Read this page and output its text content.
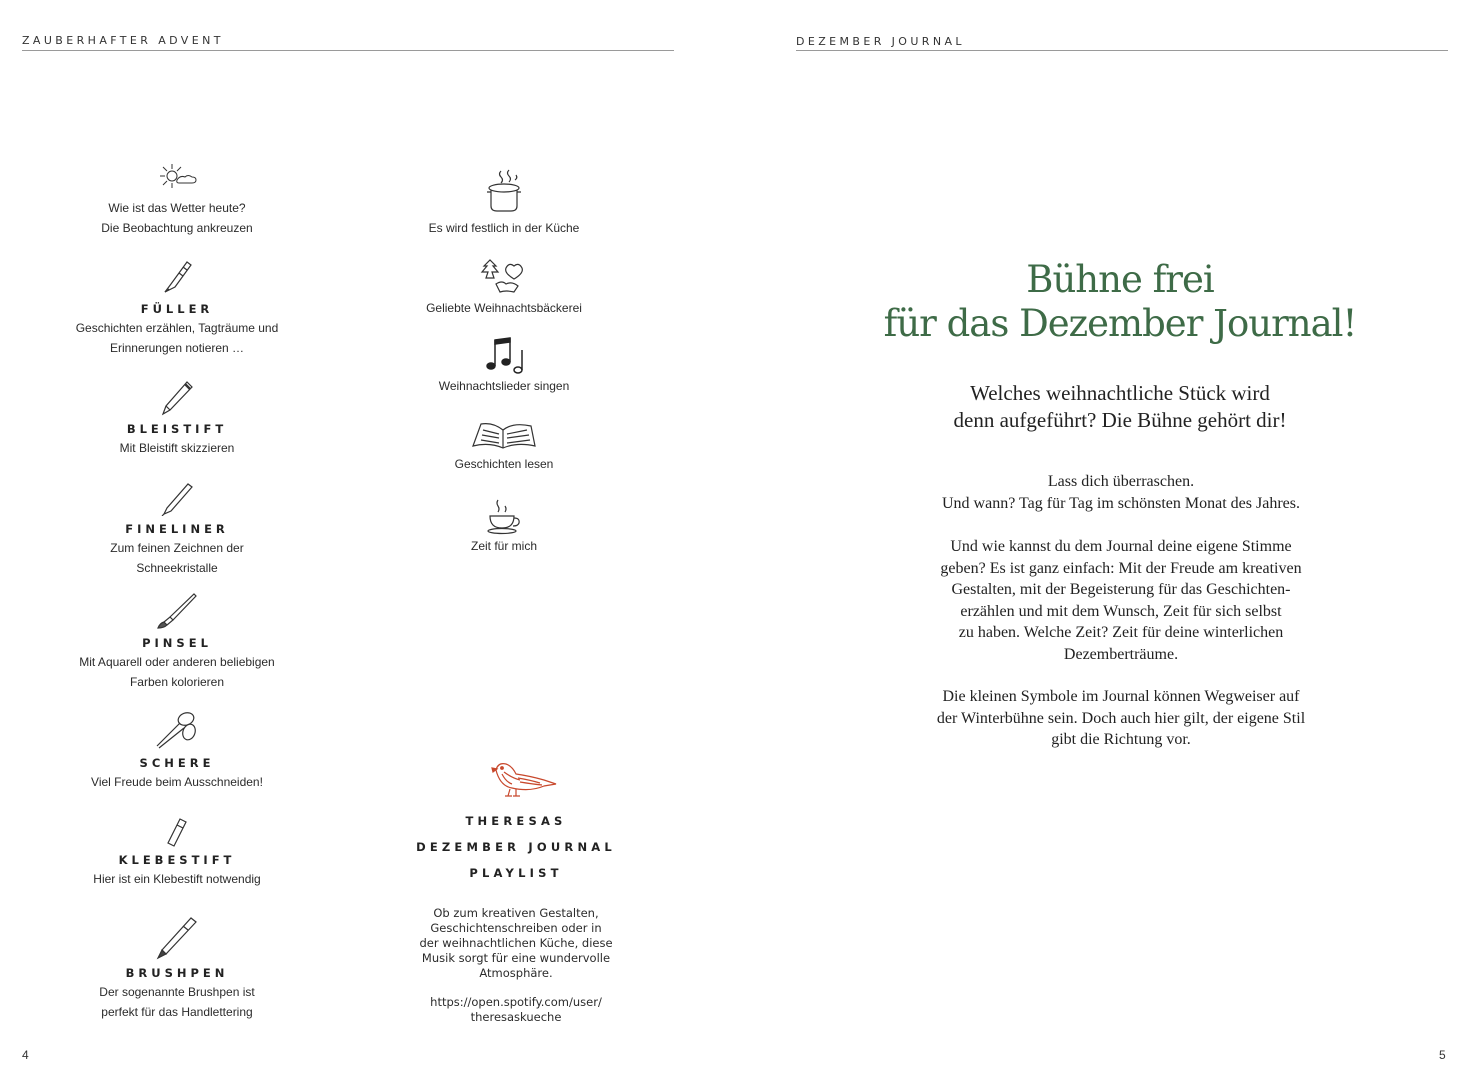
ZAUBERHAFTER ADVENT
Wie ist das Wetter heute?
Die Beobachtung ankreuzen
FÜLLER
Geschichten erzählen, Tagträume und
Erinnerungen notieren …
BLEISTIFT
Mit Bleistift skizzieren
FINELINER
Zum feinen Zeichnen der
Schneekristalle
PINSEL
Mit Aquarell oder anderen beliebigen
Farben kolorieren
SCHERE
Viel Freude beim Ausschneiden!
KLEBESTIFT
Hier ist ein Klebestift notwendig
BRUSHPEN
Der sogenannte Brushpen ist
perfekt für das Handlettering
Es wird festlich in der Küche
Geliebte Weihnachtsbäckerei
Weihnachtslieder singen
Geschichten lesen
Zeit für mich
THERESAS
DEZEMBER JOURNAL
PLAYLIST
Ob zum kreativen Gestalten,
Geschichtenschreiben oder in
der weihnachtlichen Küche, diese
Musik sorgt für eine wundervolle
Atmosphäre.
https://open.spotify.com/user/
theresaskueche
4
DEZEMBER JOURNAL
Bühne frei
für das Dezember Journal!
Welches weihnachtliche Stück wird
denn aufgeführt? Die Bühne gehört dir!
Lass dich überraschen.
Und wann? Tag für Tag im schönsten Monat des Jahres.
Und wie kannst du dem Journal deine eigene Stimme
geben? Es ist ganz einfach: Mit der Freude am kreativen
Gestalten, mit der Begeisterung für das Geschichten-
erzählen und mit dem Wunsch, Zeit für sich selbst
zu haben. Welche Zeit? Zeit für deine winterlichen
Dezemberträume.
Die kleinen Symbole im Journal können Wegweiser auf
der Winterbühne sein. Doch auch hier gilt, der eigene Stil
gibt die Richtung vor.
5
